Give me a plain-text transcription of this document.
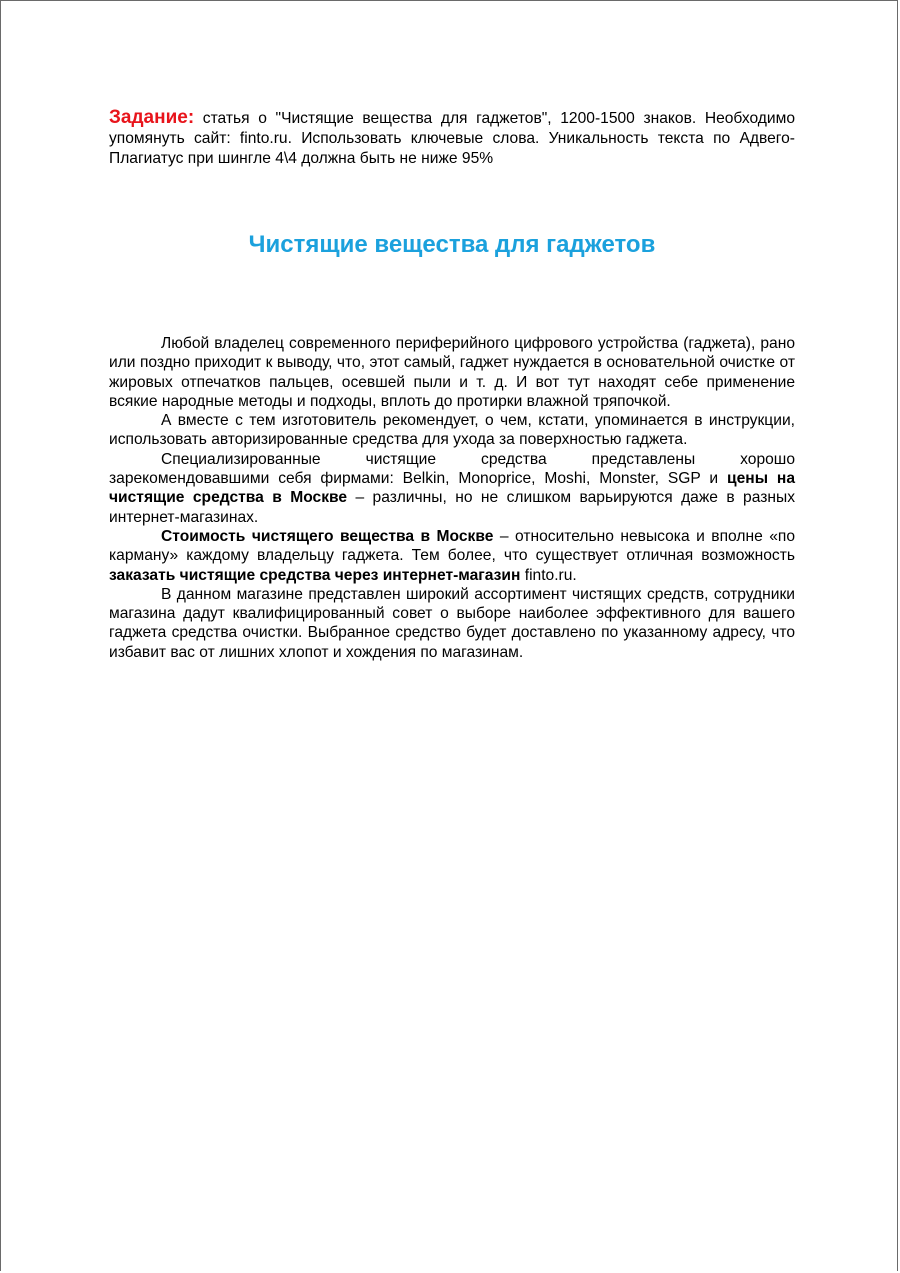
Задание: статья о "Чистящие вещества для гаджетов", 1200-1500 знаков. Необходимо упомянуть сайт: finto.ru. Использовать ключевые слова. Уникальность текста по Адвего-Плагиатус при шингле 4\4 должна быть не ниже 95%
Чистящие вещества для гаджетов

Любой владелец современного периферийного цифрового устройства (гаджета), рано или поздно приходит к выводу, что, этот самый, гаджет нуждается в основательной очистке от жировых отпечатков пальцев, осевшей пыли и т. д. И вот тут находят себе применение всякие народные методы и подходы, вплоть до протирки влажной тряпочкой.

А вместе с тем изготовитель рекомендует, о чем, кстати, упоминается в инструкции, использовать авторизированные средства для ухода за поверхностью гаджета.

Специализированные чистящие средства представлены хорошо зарекомендовавшими себя фирмами: Belkin, Monoprice, Moshi, Monster, SGP и цены на чистящие средства в Москве – различны, но не слишком варьируются даже в разных интернет-магазинах.

Стоимость чистящего вещества в Москве – относительно невысока и вполне «по карману» каждому владельцу гаджета. Тем более, что существует отличная возможность заказать чистящие средства через интернет-магазин finto.ru.

В данном магазине представлен широкий ассортимент чистящих средств, сотрудники магазина дадут квалифицированный совет о выборе наиболее эффективного для вашего гаджета средства очистки. Выбранное средство будет доставлено по указанному адресу, что избавит вас от лишних хлопот и хождения по магазинам.
